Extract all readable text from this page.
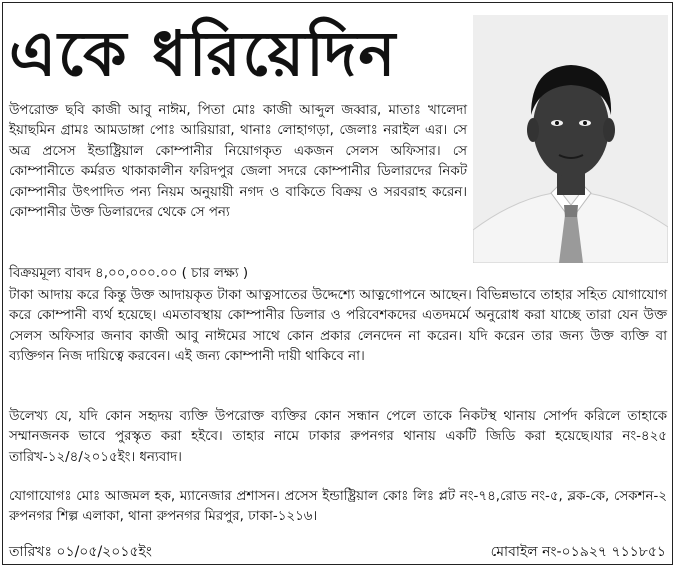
একে ধরিয়েদিন

উপরোক্ত ছবি কাজী আবু নাঈম, পিতা মোঃ কাজী আব্দুল জব্বার, মাতাঃ খালেদা ইয়াছমিন গ্রামঃ আমডাঙ্গা পোঃ আরিয়ারা, থানাঃ লোহাগড়া, জেলাঃ নরাইল এর। সে অত্র প্রসেস ইন্ডাষ্ট্রিয়াল কোম্পানীর নিয়োগকৃত একজন সেলস অফিসার। সে কোম্পানীতে কর্মরত থাকাকালীন ফরিদপুর জেলা সদরে কোম্পানীর ডিলারদের নিকট কোম্পানীর উৎপাদিত পন্য নিয়ম অনুয়ায়ী নগদ ও বাকিতে বিক্রয় ও সরবরাহ করেন। কোম্পানীর উক্ত ডিলারদের থেকে সে পন্য

বিক্রয়মূল্য বাবদ ৪,০০,০০০.০০ ( চার লক্ষ্য )

টাকা আদায় করে কিন্তু উক্ত আদায়কৃত টাকা আত্নসাতের উদ্দেশ্যে আত্নগোপনে আছেন। বিভিন্নভাবে তাহার সহিত যোগাযোগ করে কোম্পানী ব্যর্থ হয়েছে। এমতাবস্থায় কোম্পানীর ডিলার ও পরিবেশকদের এতদমর্মে অনুরোধ করা যাচ্ছে তারা যেন উক্ত সেলস অফিসার জনাব কাজী আবু নাঈমের সাথে কোন প্রকার লেনদেন না করেন। যদি করেন তার জন্য উক্ত ব্যক্তি বা ব্যক্তিগন নিজ দায়িত্বে করবেন। এই জন্য কোম্পানী দায়ী থাকিবে না।

উলেখ্য যে, যদি কোন সহৃদয় ব্যক্তি উপরোক্ত ব্যক্তির কোন সন্ধান পেলে তাকে নিকটস্থ থানায় সোর্পদ করিলে তাহাকে সম্মানজনক ভাবে পুরস্কৃত করা হইবে। তাহার নামে ঢাকার রুপনগর থানায় একটি জিডি করা হয়েছে।যার নং-৪২৫ তারিখ-১২/৪/২০১৫ইং। ধন্যবাদ।

যোগাযোগঃ মোঃ আজমল হক, ম্যানেজার প্রশাসন। প্রসেস ইন্ডাষ্ট্রিয়াল কোঃ লিঃ প্লট নং-৭৪,রোড নং-৫, ব্লক-কে, সেকশন-২ রুপনগর শিল্প এলাকা, থানা রুপনগর মিরপুর, ঢাকা-১২১৬।

তারিখঃ ০১/০৫/২০১৫ইং	মোবাইল নং-০১৯২৭ ৭১১৮৫১
